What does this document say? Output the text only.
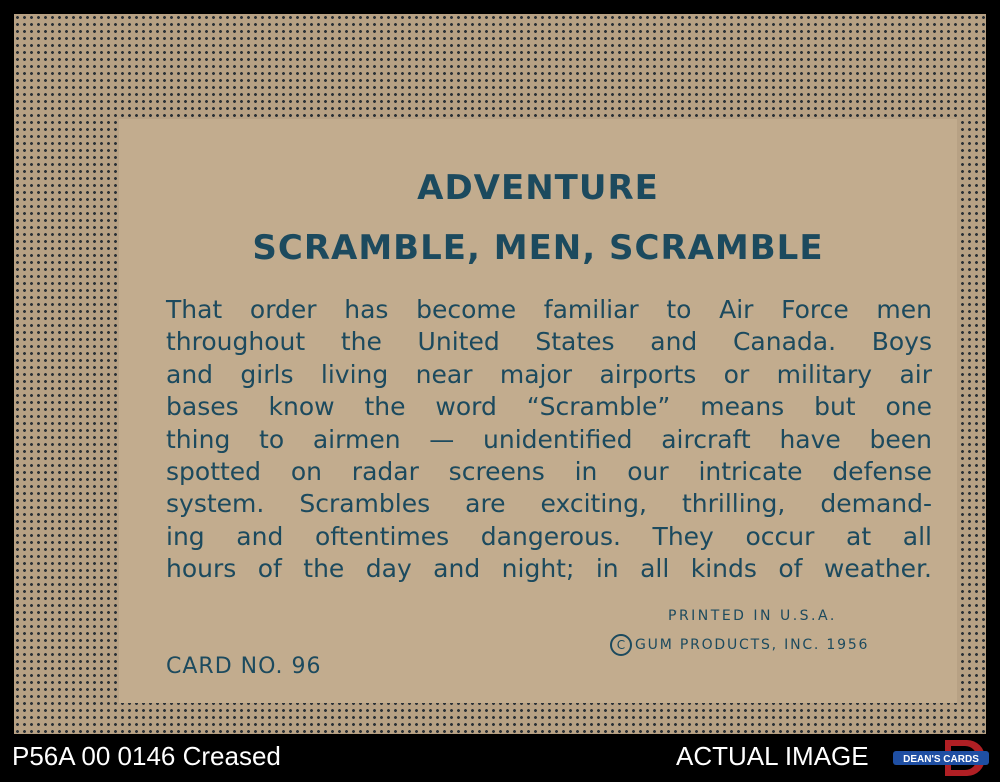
ADVENTURE
SCRAMBLE, MEN, SCRAMBLE
That order has become familiar to Air Force men
throughout the United States and Canada. Boys
and girls living near major airports or military air
bases know the word “Scramble” means but one
thing to airmen — unidentified aircraft have been
spotted on radar screens in our intricate defense
system. Scrambles are exciting, thrilling, demand-
ing and oftentimes dangerous. They occur at all
hours of the day and night; in all kinds of weather.
PRINTED IN U.S.A.
C GUM PRODUCTS, INC. 1956
CARD NO. 96
P56A 00 0146 Creased	ACTUAL IMAGE	DEAN'S CARDS
